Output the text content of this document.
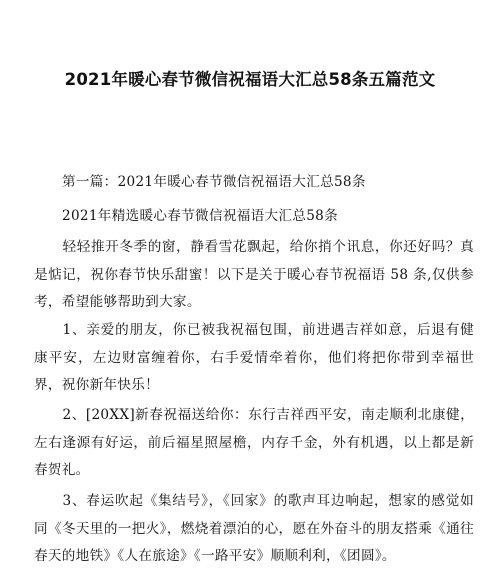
2021年暖心春节微信祝福语大汇总58条五篇范文
第一篇：2021年暖心春节微信祝福语大汇总58条
2021年精选暖心春节微信祝福语大汇总58条
轻轻推开冬季的窗，静看雪花飘起，给你捎个讯息，你还好吗？真是惦记，祝你春节快乐甜蜜！以下是关于暖心春节祝福语 58 条,仅供参考，希望能够帮助到大家。
1、亲爱的朋友，你已被我祝福包围，前进遇吉祥如意，后退有健康平安，左边财富缠着你，右手爱情牵着你，他们将把你带到幸福世界，祝你新年快乐！
2、[20XX]新春祝福送给你：东行吉祥西平安，南走顺利北康健，左右逢源有好运，前后福星照屋檐，内存千金，外有机遇，以上都是新春贺礼。
3、春运吹起《集结号》，《回家》的歌声耳边响起，想家的感觉如同《冬天里的一把火》，燃烧着漂泊的心，愿在外奋斗的朋友搭乘《通往春天的地铁》《人在旅途》《一路平安》顺顺利利，《团圆》。
